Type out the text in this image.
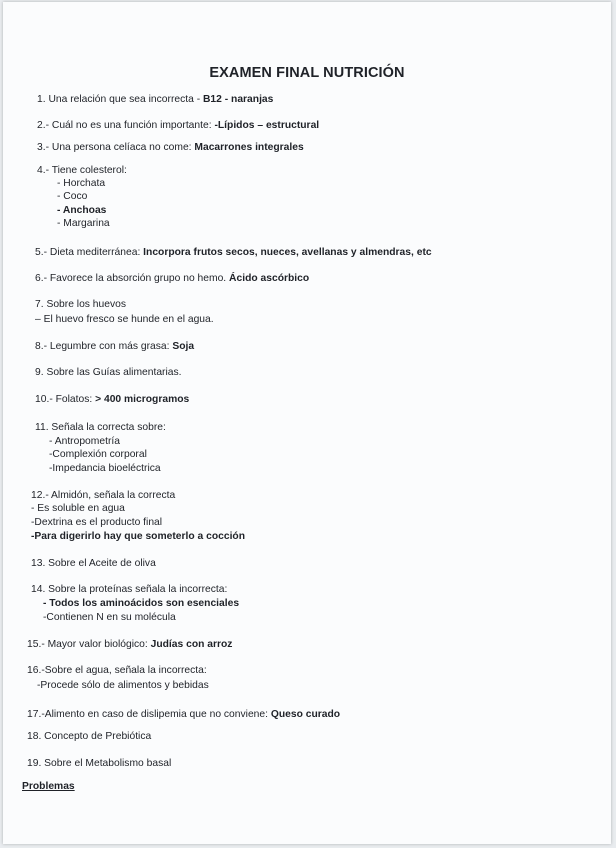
EXAMEN FINAL NUTRICIÓN
1. Una relación que sea incorrecta - B12 - naranjas
2.- Cuál no es una función importante: -Lípidos – estructural
3.- Una persona celíaca no come: Macarrones integrales
4.- Tiene colesterol:
- Horchata
- Coco
- Anchoas
- Margarina
5.- Dieta mediterránea: Incorpora frutos secos, nueces, avellanas y almendras, etc
6.- Favorece la absorción grupo no hemo. Ácido ascórbico
7. Sobre los huevos
– El huevo fresco se hunde en el agua.
8.- Legumbre con más grasa: Soja
9. Sobre las Guías alimentarias.
10.- Folatos: > 400 microgramos
11. Señala la correcta sobre:
- Antropometría
-Complexión corporal
-Impedancia bioeléctrica
12.- Almidón, señala la correcta
- Es soluble en agua
-Dextrina es el producto final
-Para digerirlo hay que someterlo a cocción
13. Sobre el Aceite de oliva
14. Sobre la proteínas señala la incorrecta:
- Todos los aminoácidos son esenciales
-Contienen N en su molécula
15.- Mayor valor biológico: Judías con arroz
16.-Sobre el agua, señala la incorrecta:
-Procede sólo de alimentos y bebidas
17.-Alimento en caso de dislipemia que no conviene: Queso curado
18. Concepto de Prebiótica
19. Sobre el Metabolismo basal
Problemas
